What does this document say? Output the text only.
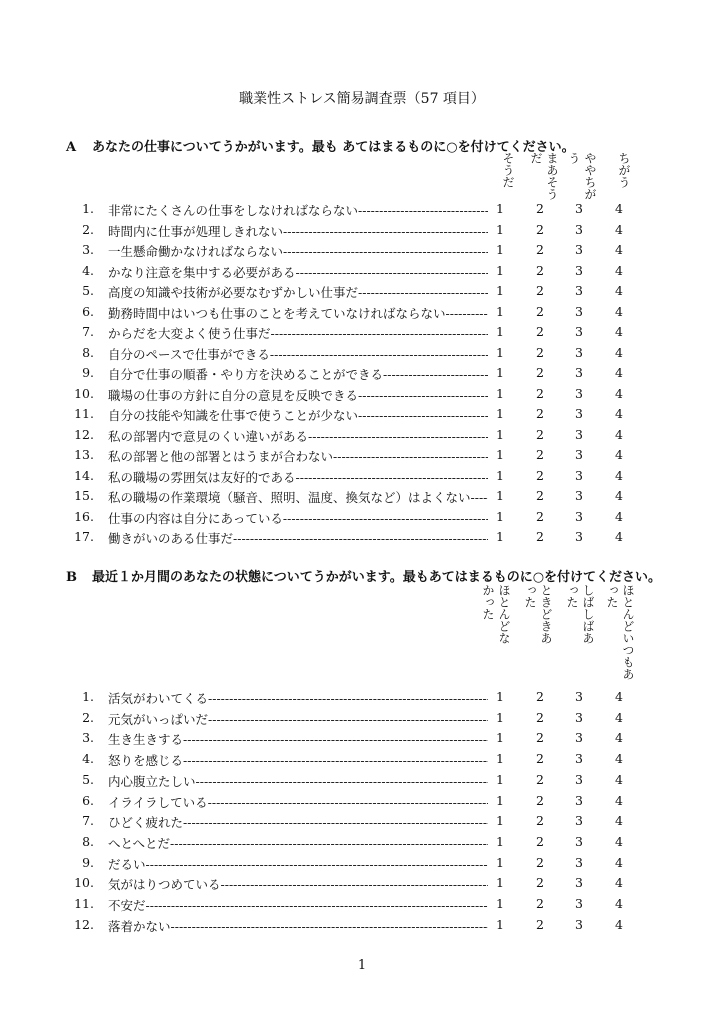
職業性ストレス簡易調査票（57 項目）
A あなたの仕事についてうかがいます。最も あてはまるものに○を付けてください。
そうだ	まあそうだ	ややちがう	ちがう
1. 非常にたくさんの仕事をしなければならない -----	1	2	3	4
2. 時間内に仕事が処理しきれない -----	1	2	3	4
3. 一生懸命働かなければならない -----	1	2	3	4
4. かなり注意を集中する必要がある -----	1	2	3	4
5. 高度の知識や技術が必要なむずかしい仕事だ -----	1	2	3	4
6. 勤務時間中はいつも仕事のことを考えていなければならない -----	1	2	3	4
7. からだを大変よく使う仕事だ -----	1	2	3	4
8. 自分のペースで仕事ができる -----	1	2	3	4
9. 自分で仕事の順番・やり方を決めることができる -----	1	2	3	4
10. 職場の仕事の方針に自分の意見を反映できる -----	1	2	3	4
11. 自分の技能や知識を仕事で使うことが少ない -----	1	2	3	4
12. 私の部署内で意見のくい違いがある -----	1	2	3	4
13. 私の部署と他の部署とはうまが合わない -----	1	2	3	4
14. 私の職場の雰囲気は友好的である -----	1	2	3	4
15. 私の職場の作業環境（騒音、照明、温度、換気など）はよくない -----	1	2	3	4
16. 仕事の内容は自分にあっている -----	1	2	3	4
17. 働きがいのある仕事だ -----	1	2	3	4
B 最近１か月間のあなたの状態についてうかがいます。最もあてはまるものに○を付けてください。
ほとんどなかった	ときどきあった	しばしばあった	ほとんどいつもあった
1. 活気がわいてくる -----	1	2	3	4
2. 元気がいっぱいだ -----	1	2	3	4
3. 生き生きする -----	1	2	3	4
4. 怒りを感じる -----	1	2	3	4
5. 内心腹立たしい -----	1	2	3	4
6. イライラしている -----	1	2	3	4
7. ひどく疲れた -----	1	2	3	4
8. へとへとだ -----	1	2	3	4
9. だるい -----	1	2	3	4
10. 気がはりつめている -----	1	2	3	4
11. 不安だ -----	1	2	3	4
12. 落着かない -----	1	2	3	4
1
